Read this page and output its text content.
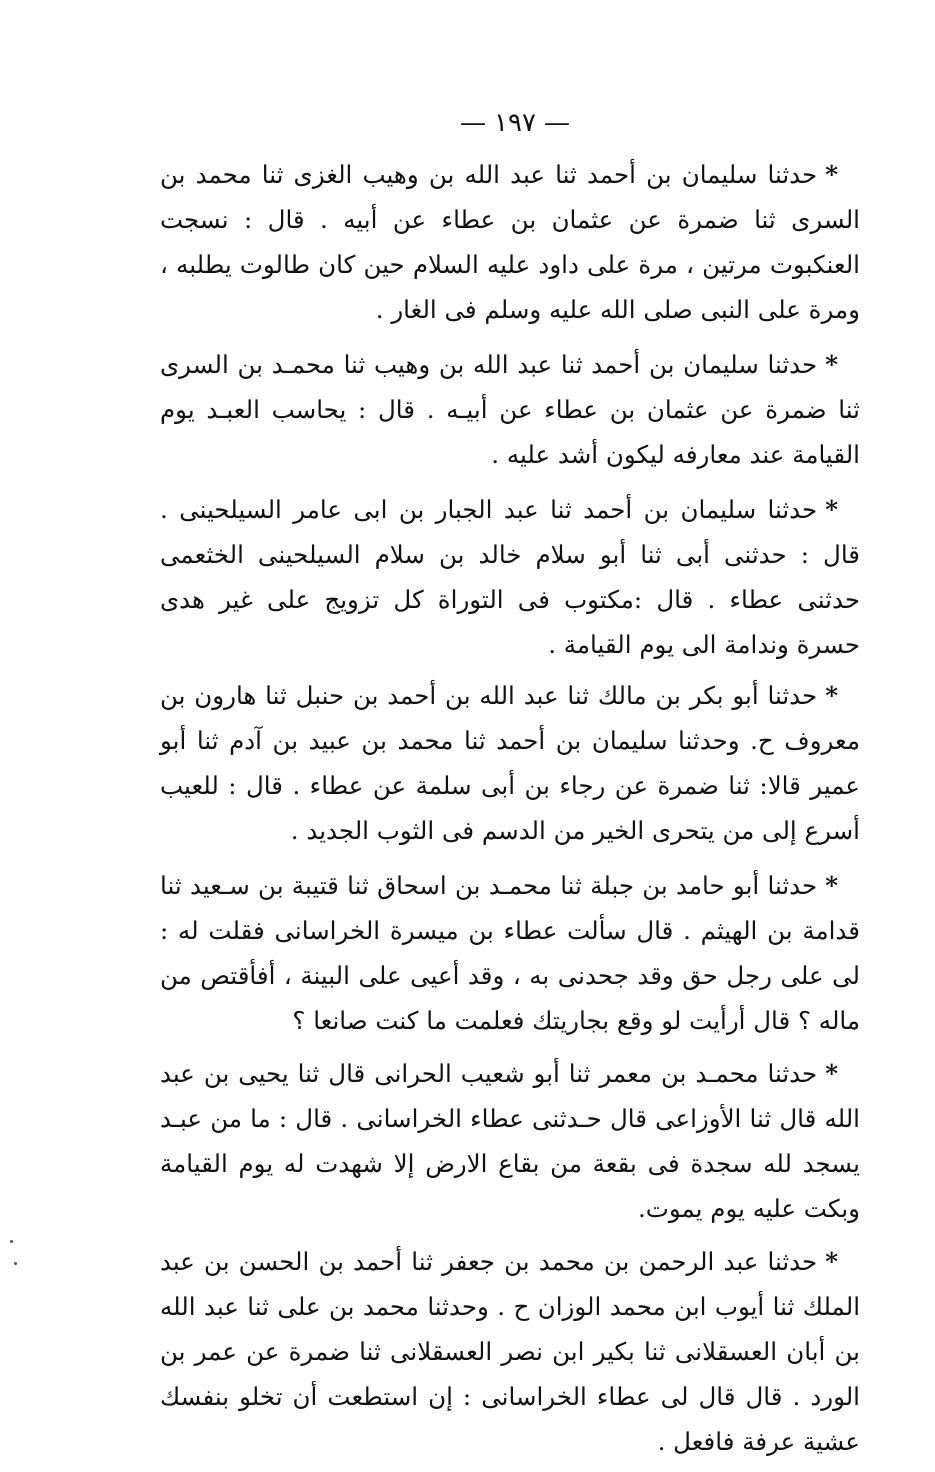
—١٩٧—

*حدثنا سليمان بن أحمد ثنا عبد الله بن وهيب الغزى ثنا محمد بن السرى ثنا ضمرة عن عثمان بن عطاء عن أبيه . قال : نسجت العنكبوت مرتين ، مرة على داود عليه السلام حين كان طالوت يطلبه ، ومرة على النبى صلى الله عليه وسلم فى الغار .

*حدثنا سليمان بن أحمد ثنا عبد الله بن وهيب ثنا محمـد بن السرى ثنا ضمرة عن عثمان بن عطاء عن أبيـه . قال : يحاسب العبـد يوم القيامة عند معارفه ليكون أشد عليه .

*حدثنا سليمان بن أحمد ثنا عبد الجبار بن ابى عامر السيلحينى . قال : حدثنى أبى ثنا أبو سلام خالد بن سلام السيلحينى الخثعمى حدثنى عطاء . قال :مكتوب فى التوراة كل تزويج على غير هدى حسرة وندامة الى يوم القيامة .

*حدثنا أبو بكر بن مالك ثنا عبد الله بن أحمد بن حنبل ثنا هارون بن معروف ح. وحدثنا سليمان بن أحمد ثنا محمد بن عبيد بن آدم ثنا أبو عمير قالا: ثنا ضمرة عن رجاء بن أبى سلمة عن عطاء . قال : للعيب أسرع إلى من يتحرى الخير من الدسم فى الثوب الجديد .

*حدثنا أبو حامد بن جبلة ثنا محمـد بن اسحاق ثنا قتيبة بن سـعيد ثنا قدامة بن الهيثم . قال سألت عطاء بن ميسرة الخراسانى فقلت له : لى على رجل حق وقد جحدنى به ، وقد أعيى على البينة ، أفأقتص من ماله ؟ قال أرأيت لو وقع بجاريتك فعلمت ما كنت صانعا ؟

*حدثنا محمـد بن معمر ثنا أبو شعيب الحرانى قال ثنا يحيى بن عبد الله قال ثنا الأوزاعى قال حـدثنى عطاء الخراسانى . قال : ما من عبـد يسجد لله سجدة فى بقعة من بقاع الارض إلا شهدت له يوم القيامة وبكت عليه يوم يموت.

*حدثنا عبد الرحمن بن محمد بن جعفر ثنا أحمد بن الحسن بن عبد الملك ثنا أيوب ابن محمد الوزان ح . وحدثنا محمد بن على ثنا عبد الله بن أبان العسقلانى ثنا بكير ابن نصر العسقلانى ثنا ضمرة عن عمر بن الورد . قال قال لى عطاء الخراسانى : إن استطعت أن تخلو بنفسك عشية عرفة فافعل .
